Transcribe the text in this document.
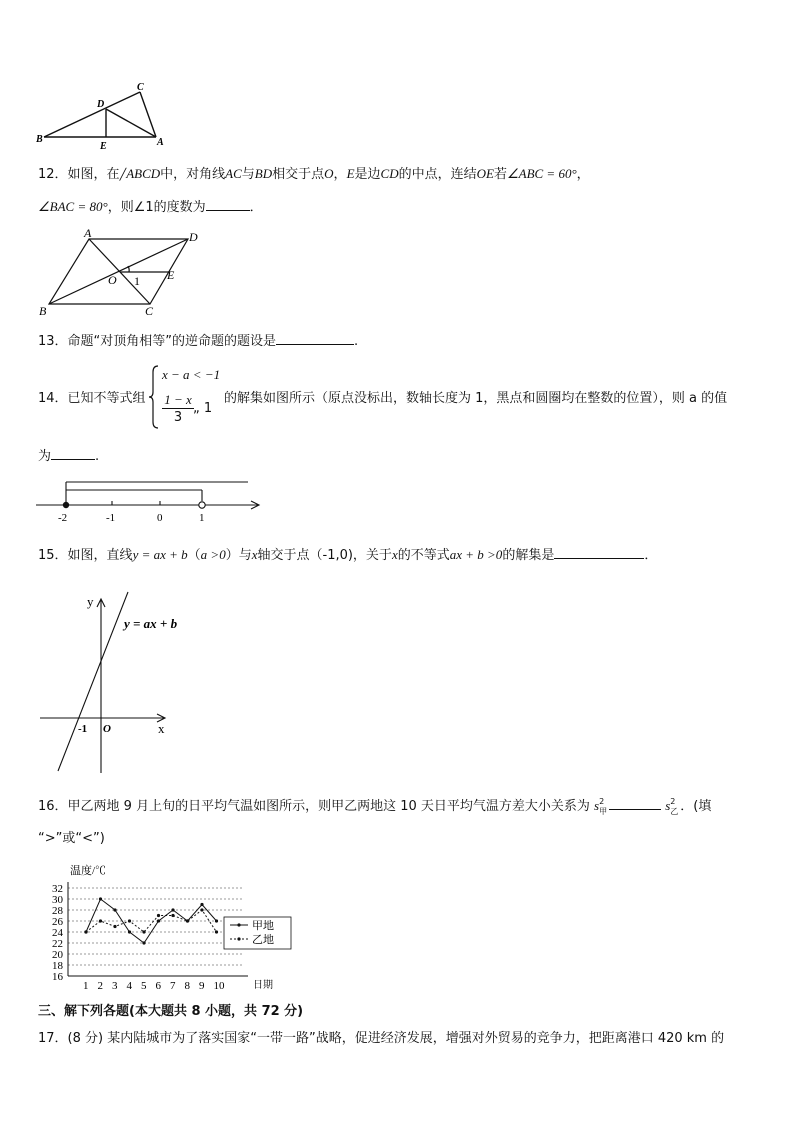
B
D
C
E	A
12．如图，在╱ABCD中，对角线AC与BD相交于点O，E是边CD的中点，连结OE若∠ABC = 60°，
∠BAC = 80°，则∠1的度数为	．
A	D
O 1 E
B	C
13．命题“对顶角相等”的逆命题的题设是	.
14．已知不等式组
x − a < −1
$\frac{1 - x}{3}$ „ 1
的解集如图所示（原点没标出，数轴长度为 1，黑点和圆圈均在整数的位置），则 a 的值
为	.
-2	-1	0	1
15．如图，直线y = ax + b（a >0）与x轴交于点（-1,0)，关于x的不等式ax + b >0的解集是	．
y
x
O
-1
y = ax + b
16．甲乙两地 9 月上旬的日平均气温如图所示，则甲乙两地这 10 天日平均气温方差大小关系为 s 2
甲	s 2
乙 ．(填
“>”或“<”)
温度/℃
日期
16
18
20
22
24
26
28
30
32
1 2 3 4 5 6 7 8 9 10
甲地
乙地
三、解下列各题(本大题共 8 小题，共 72 分)
17．(8 分) 某内陆城市为了落实国家“一带一路”战略，促进经济发展，增强对外贸易的竞争力，把距离港口 420 km 的
